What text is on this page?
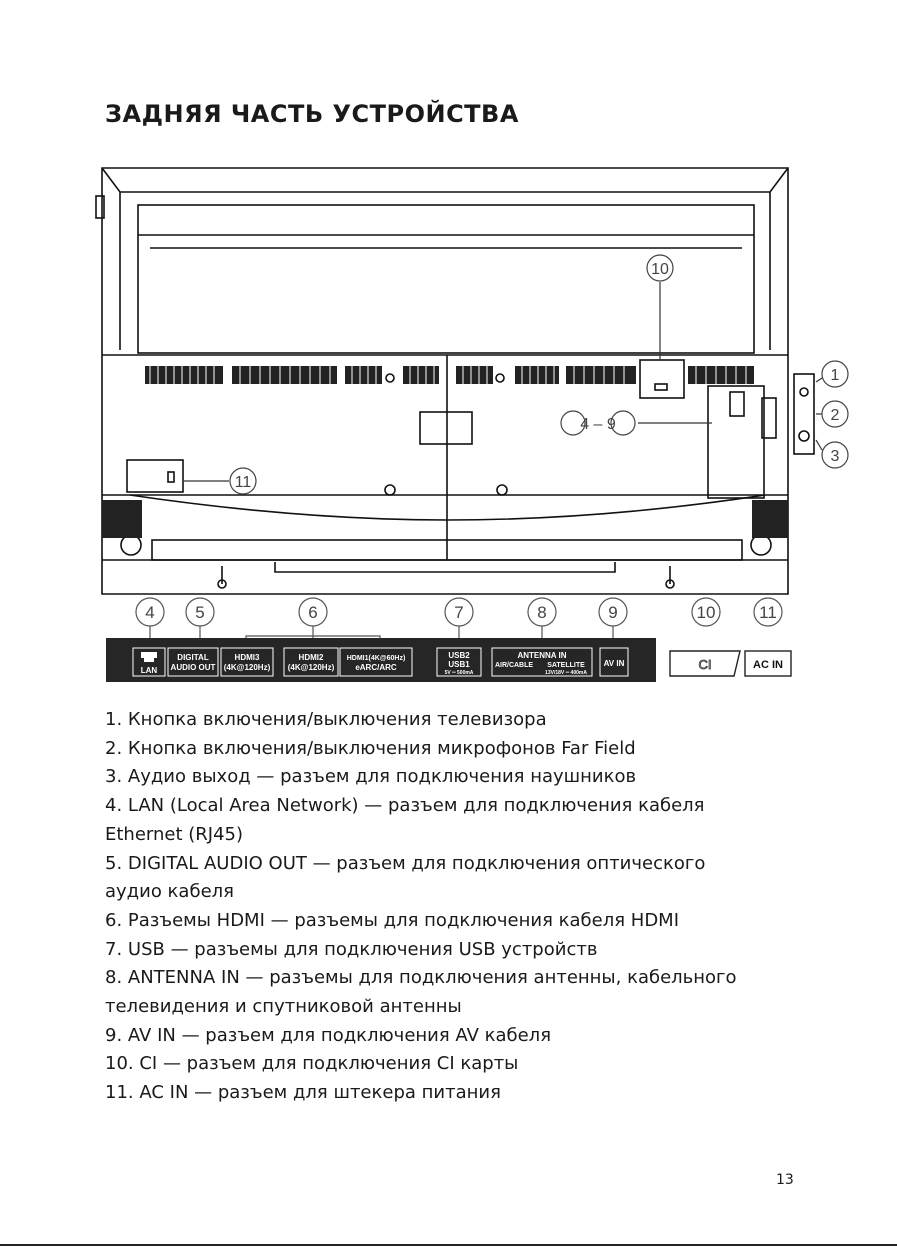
ЗАДНЯЯ ЧАСТЬ УСТРОЙСТВА
10
1
2
3
11
4 – 9
4 5	6	7	8	9	10	11
LAN
DIGITAL
AUDIO OUT
HDMI3
(4K@120Hz)
HDMI2
(4K@120Hz)
HDMI1(4K@60Hz)
eARC/ARC
USB2
USB1
5V ═ 500mA
ANTENNA IN
AIR/CABLE SATELLITE
13V/18V ═ 400mA
AV IN	CI	AC IN
1. Кнопка включения/выключения телевизора
2. Кнопка включения/выключения микрофонов Far Field
3. Аудио выход — разъем для подключения наушников
4. LAN (Local Area Network) — разъем для подключения кабеля
Ethernet (RJ45)
5. DIGITAL AUDIO OUT — разъем для подключения оптического
аудио кабеля
6. Разъемы HDMI — разъемы для подключения кабеля HDMI
7. USB — разъемы для подключения USB устройств
8. ANTENNA IN — разъемы для подключения антенны, кабельного
телевидения и спутниковой антенны
9. AV IN — разъем для подключения AV кабеля
10. CI — разъем для подключения CI карты
11. AC IN — разъем для штекера питания
13
